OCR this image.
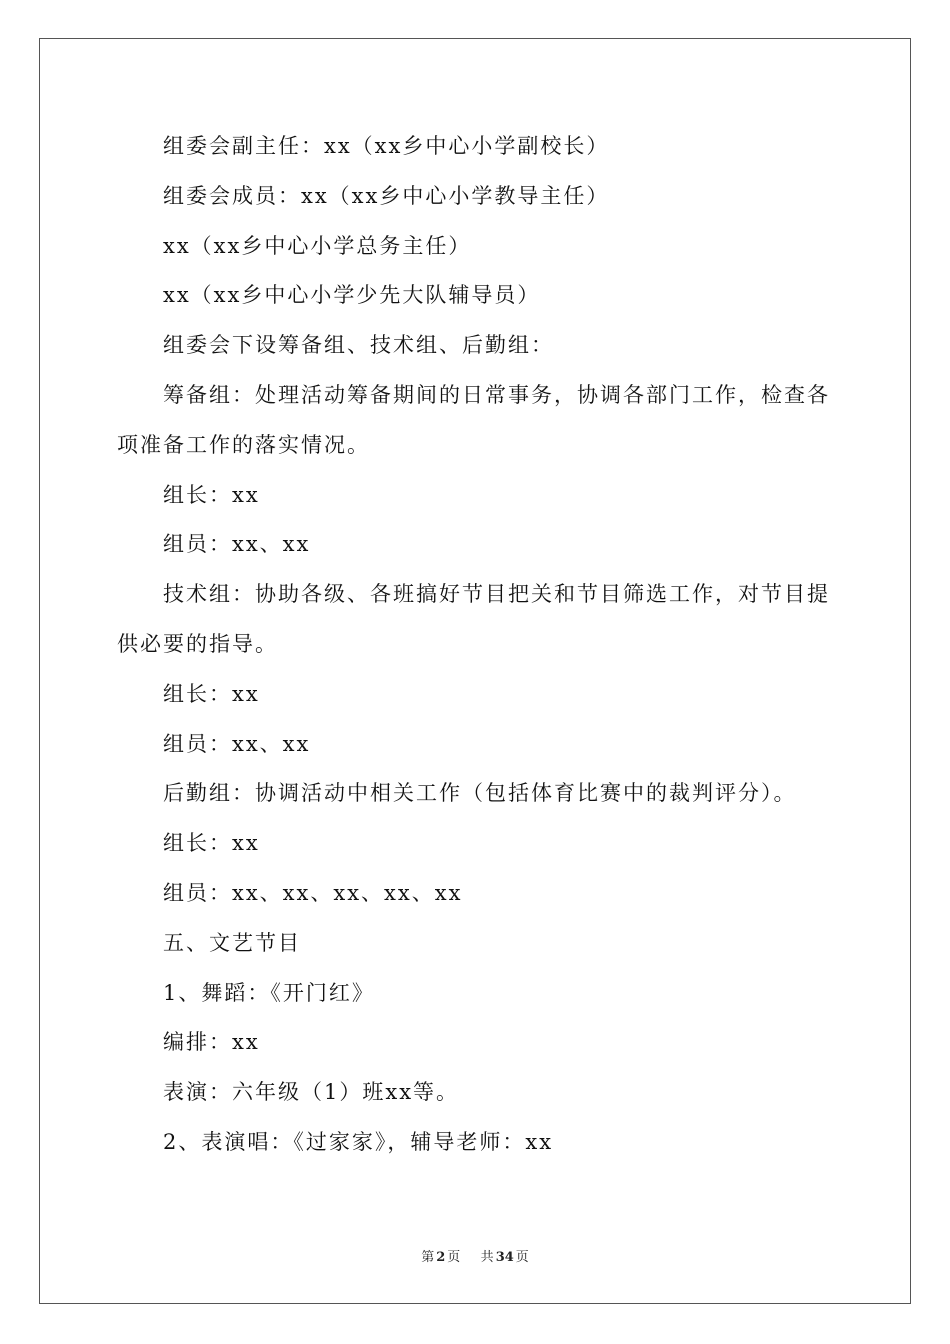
组委会副主任：xx（xx乡中心小学副校长）

组委会成员：xx（xx乡中心小学教导主任）

xx（xx乡中心小学总务主任）

xx（xx乡中心小学少先大队辅导员）

组委会下设筹备组、技术组、后勤组：

筹备组：处理活动筹备期间的日常事务，协调各部门工作，检查各项准备工作的落实情况。

组长：xx

组员：xx、xx

技术组：协助各级、各班搞好节目把关和节目筛选工作，对节目提供必要的指导。

组长：xx

组员：xx、xx

后勤组：协调活动中相关工作（包括体育比赛中的裁判评分）。

组长：xx

组员：xx、xx、xx、xx、xx

五、文艺节目

1、舞蹈：《开门红》

编排：xx

表演：六年级（1）班xx等。

2、表演唱：《过家家》，辅导老师：xx

第 2 页 共 34 页
